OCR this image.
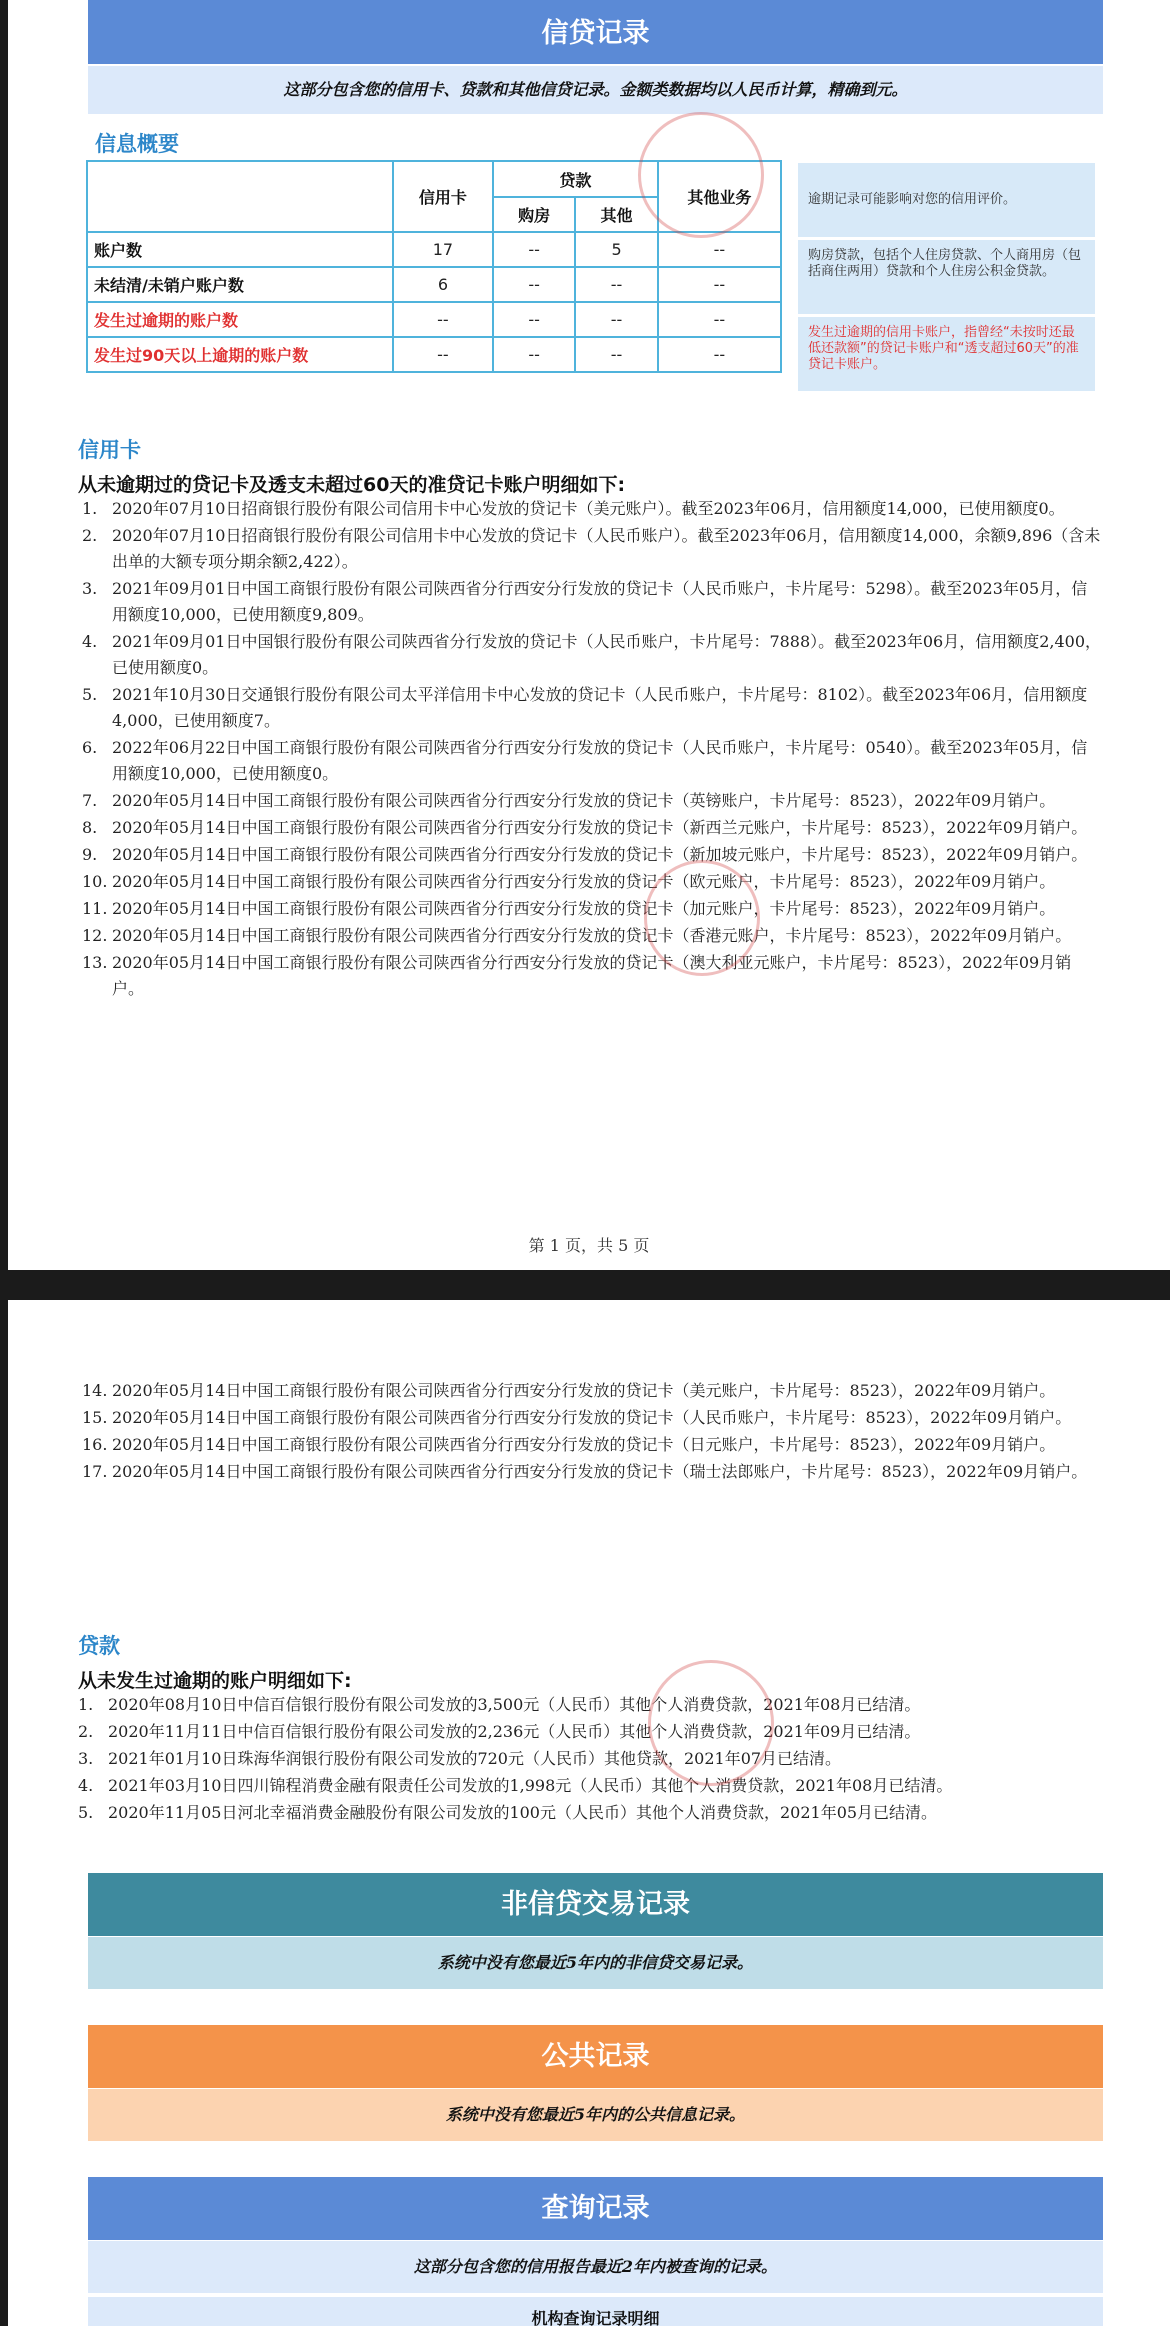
信贷记录
这部分包含您的信用卡、贷款和其他信贷记录。金额类数据均以人民币计算，精确到元。
信息概要
	信用卡	贷款		其他业务
		购房	其他	
账户数	17	--	5	--
未结清/未销户账户数	6	--	--	--
发生过逾期的账户数	--	--	--	--
发生过90天以上逾期的账户数	--	--	--	--
逾期记录可能影响对您的信用评价。
购房贷款，包括个人住房贷款、个人商用房（包括商住两用）贷款和个人住房公积金贷款。
发生过逾期的信用卡账户，指曾经“未按时还最低还款额”的贷记卡账户和“透支超过60天”的准贷记卡账户。
信用卡
从未逾期过的贷记卡及透支未超过60天的准贷记卡账户明细如下:
1. 2020年07月10日招商银行股份有限公司信用卡中心发放的贷记卡（美元账户）。截至2023年06月，信用额度14,000，已使用额度0。
2. 2020年07月10日招商银行股份有限公司信用卡中心发放的贷记卡（人民币账户）。截至2023年06月，信用额度14,000，余额9,896（含未出单的大额专项分期余额2,422）。
3. 2021年09月01日中国工商银行股份有限公司陕西省分行西安分行发放的贷记卡（人民币账户，卡片尾号：5298）。截至2023年05月，信用额度10,000，已使用额度9,809。
4. 2021年09月01日中国银行股份有限公司陕西省分行发放的贷记卡（人民币账户，卡片尾号：7888）。截至2023年06月，信用额度2,400，已使用额度0。
5. 2021年10月30日交通银行股份有限公司太平洋信用卡中心发放的贷记卡（人民币账户，卡片尾号：8102）。截至2023年06月，信用额度4,000，已使用额度7。
6. 2022年06月22日中国工商银行股份有限公司陕西省分行西安分行发放的贷记卡（人民币账户，卡片尾号：0540）。截至2023年05月，信用额度10,000，已使用额度0。
7. 2020年05月14日中国工商银行股份有限公司陕西省分行西安分行发放的贷记卡（英镑账户，卡片尾号：8523），2022年09月销户。
8. 2020年05月14日中国工商银行股份有限公司陕西省分行西安分行发放的贷记卡（新西兰元账户，卡片尾号：8523），2022年09月销户。
9. 2020年05月14日中国工商银行股份有限公司陕西省分行西安分行发放的贷记卡（新加坡元账户，卡片尾号：8523），2022年09月销户。
10. 2020年05月14日中国工商银行股份有限公司陕西省分行西安分行发放的贷记卡（欧元账户，卡片尾号：8523），2022年09月销户。
11. 2020年05月14日中国工商银行股份有限公司陕西省分行西安分行发放的贷记卡（加元账户，卡片尾号：8523），2022年09月销户。
12. 2020年05月14日中国工商银行股份有限公司陕西省分行西安分行发放的贷记卡（香港元账户，卡片尾号：8523），2022年09月销户。
13. 2020年05月14日中国工商银行股份有限公司陕西省分行西安分行发放的贷记卡（澳大利亚元账户，卡片尾号：8523），2022年09月销户。
第 1 页，共 5 页
14. 2020年05月14日中国工商银行股份有限公司陕西省分行西安分行发放的贷记卡（美元账户，卡片尾号：8523），2022年09月销户。
15. 2020年05月14日中国工商银行股份有限公司陕西省分行西安分行发放的贷记卡（人民币账户，卡片尾号：8523），2022年09月销户。
16. 2020年05月14日中国工商银行股份有限公司陕西省分行西安分行发放的贷记卡（日元账户，卡片尾号：8523），2022年09月销户。
17. 2020年05月14日中国工商银行股份有限公司陕西省分行西安分行发放的贷记卡（瑞士法郎账户，卡片尾号：8523），2022年09月销户。
贷款
从未发生过逾期的账户明细如下:
1. 2020年08月10日中信百信银行股份有限公司发放的3,500元（人民币）其他个人消费贷款，2021年08月已结清。
2. 2020年11月11日中信百信银行股份有限公司发放的2,236元（人民币）其他个人消费贷款，2021年09月已结清。
3. 2021年01月10日珠海华润银行股份有限公司发放的720元（人民币）其他贷款，2021年07月已结清。
4. 2021年03月10日四川锦程消费金融有限责任公司发放的1,998元（人民币）其他个人消费贷款，2021年08月已结清。
5. 2020年11月05日河北幸福消费金融股份有限公司发放的100元（人民币）其他个人消费贷款，2021年05月已结清。
非信贷交易记录
系统中没有您最近5年内的非信贷交易记录。
公共记录
系统中没有您最近5年内的公共信息记录。
查询记录
这部分包含您的信用报告最近2年内被查询的记录。
机构查询记录明细
